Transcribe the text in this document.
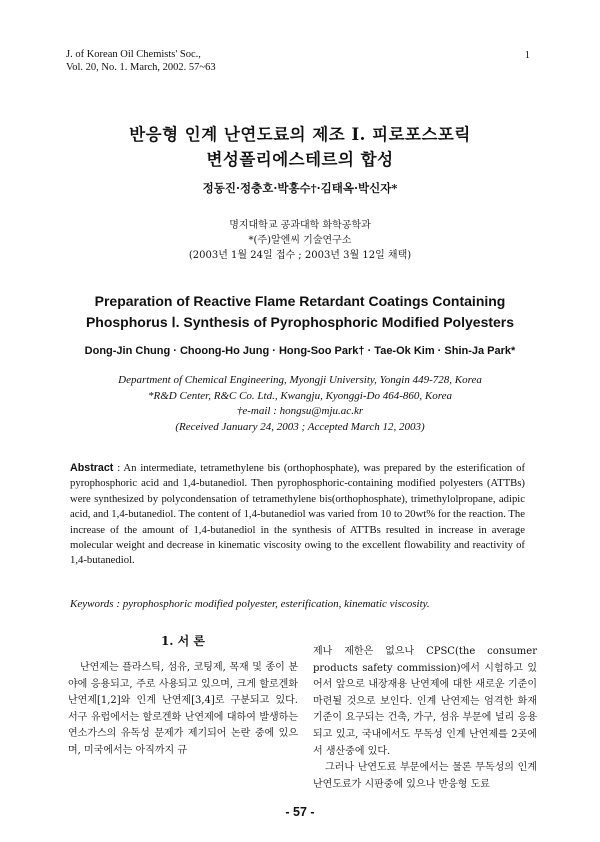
J. of Korean Oil Chemists' Soc.,
Vol. 20, No. 1. March, 2002. 57~63
1
반응형 인계 난연도료의 제조 Ⅰ. 피로포스포릭
변성폴리에스테르의 합성
정동진·정충호·박홍수†·김태옥·박신자*
명지대학교 공과대학 화학공학과
*(주)알엔씨 기술연구소
(2003년 1월 24일 접수 ; 2003년 3월 12일 채택)
Preparation of Reactive Flame Retardant Coatings Containing
Phosphorus Ⅰ. Synthesis of Pyrophosphoric Modified Polyesters
Dong-Jin Chung · Choong-Ho Jung · Hong-Soo Park† · Tae-Ok Kim · Shin-Ja Park*
Department of Chemical Engineering, Myongji University, Yongin 449-728, Korea
*R&D Center, R&C Co. Ltd., Kwangju, Kyonggi-Do 464-860, Korea
†e-mail : hongsu@mju.ac.kr
(Received January 24, 2003 ; Accepted March 12, 2003)
Abstract : An intermediate, tetramethylene bis (orthophosphate), was prepared by the esterification of pyrophosphoric acid and 1,4-butanediol. Then pyrophosphoric-containing modified polyesters (ATTBs) were synthesized by polycondensation of tetramethylene bis(orthophosphate), trimethylolpropane, adipic acid, and 1,4-butanediol. The content of 1,4-butanediol was varied from 10 to 20wt% for the reaction. The increase of the amount of 1,4-butanediol in the synthesis of ATTBs resulted in increase in average molecular weight and decrease in kinematic viscosity owing to the excellent flowability and reactivity of 1,4-butanediol.
Keywords : pyrophosphoric modified polyester, esterification, kinematic viscosity.
1. 서 론

난연제는 플라스틱, 섬유, 코팅제, 목재 및 종이 분야에 응용되고, 주로 사용되고 있으며, 크게 할로겐화 난연제[1,2]와 인계 난연제[3,4]로 구분되고 있다. 서구 유럽에서는 할로겐화 난연제에 대하여 발생하는 연소가스의 유독성 문제가 제기되어 논란 중에 있으며, 미국에서는 아직까지 규

제나 제한은 없으나 CPSC(the consumer products safety commission)에서 시험하고 있어서 앞으로 내장재용 난연제에 대한 새로운 기준이 마련될 것으로 보인다. 인계 난연제는 엄격한 화재기준이 요구되는 건축, 가구, 섬유 부문에 널리 응용되고 있고, 국내에서도 무독성 인계 난연제를 2곳에서 생산중에 있다.

그러나 난연도료 부문에서는 물론 무독성의 인계 난연도료가 시판중에 있으나 반응형 도료

- 57 -
